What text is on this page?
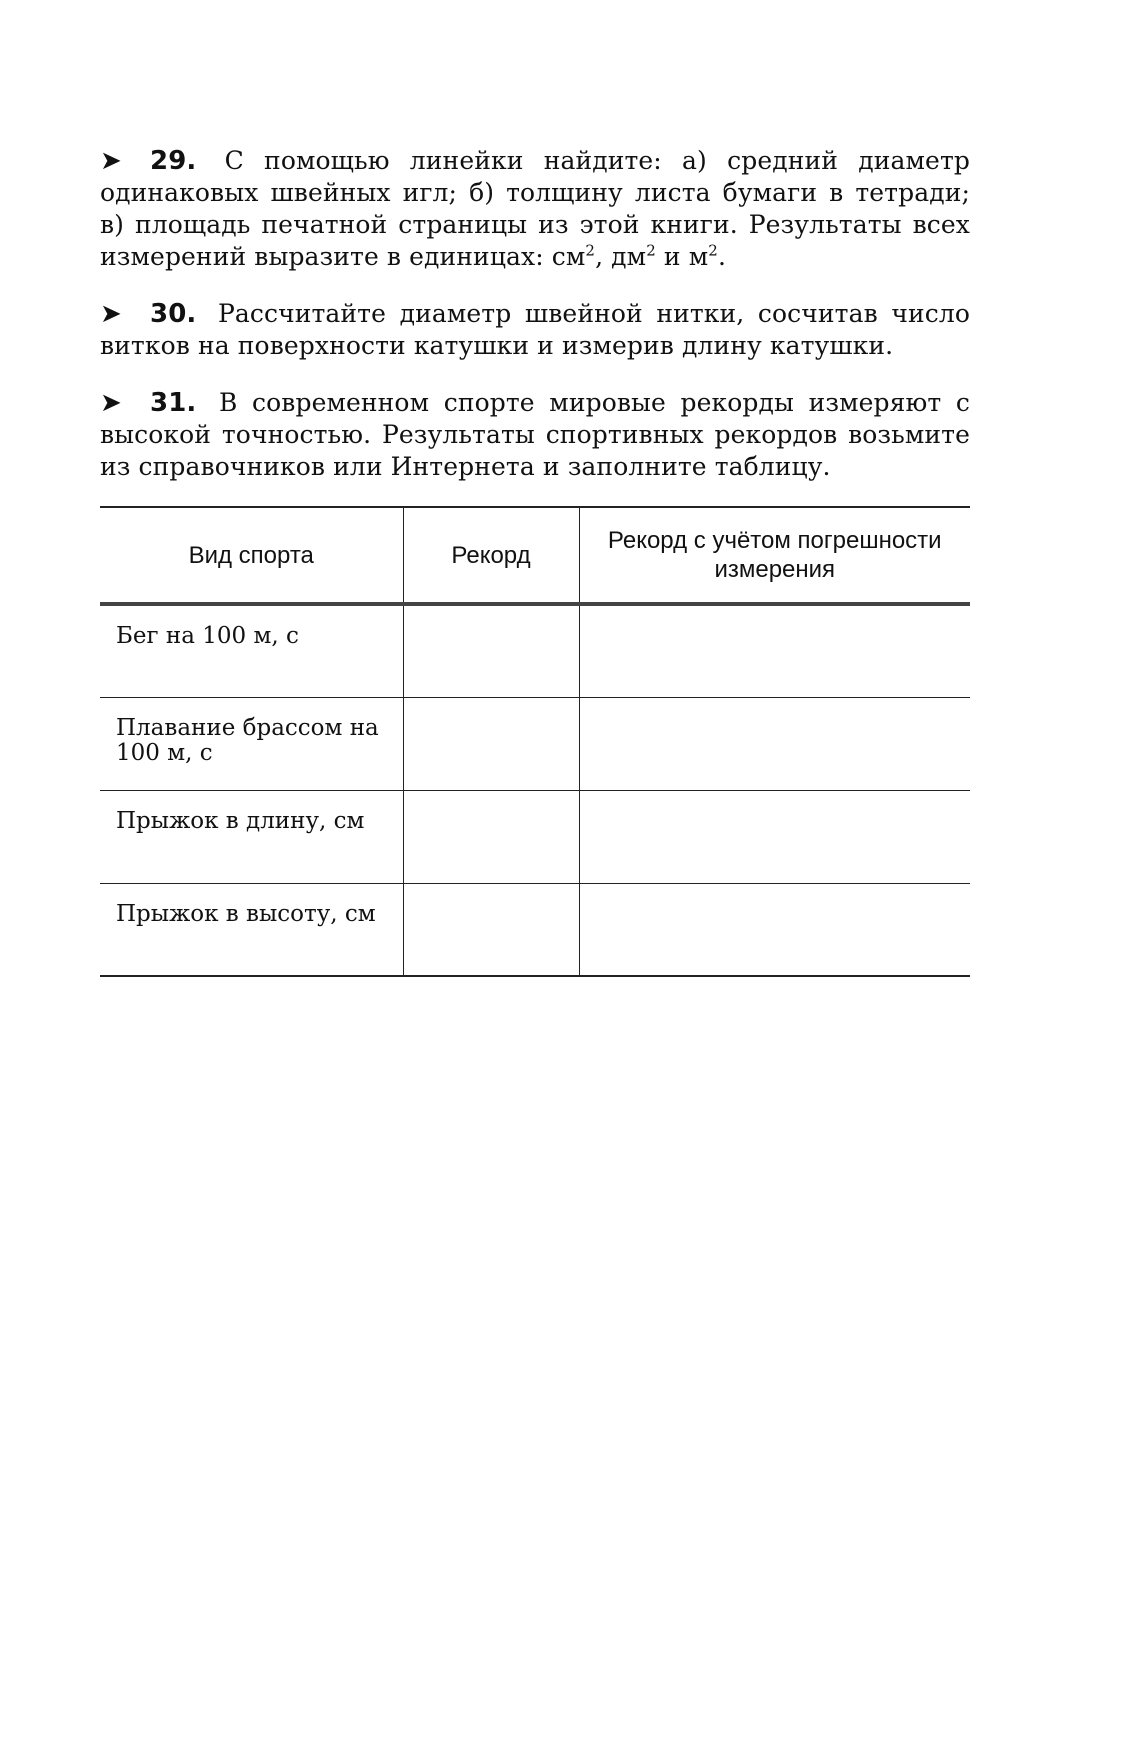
➤ 29. С помощью линейки найдите: а) средний диаметр одинаковых швейных игл; б) толщину листа бумаги в тетради; в) площадь печатной страницы из этой книги. Результаты всех измерений выразите в единицах: $см^2$, $дм^2$ и $м^2$.

➤ 30. Рассчитайте диаметр швейной нитки, сосчитав число витков на поверхности катушки и измерив длину катушки.

➤ 31. В современном спорте мировые рекорды измеряют с высокой точностью. Результаты спортивных рекордов возьмите из справочников или Интернета и заполните таблицу.

Вид спорта	Рекорд	Рекорд с учётом погрешности измерения
Бег на 100 м, с		
Плавание брассом на 100 м, с		
Прыжок в длину, см		
Прыжок в высоту, см		
